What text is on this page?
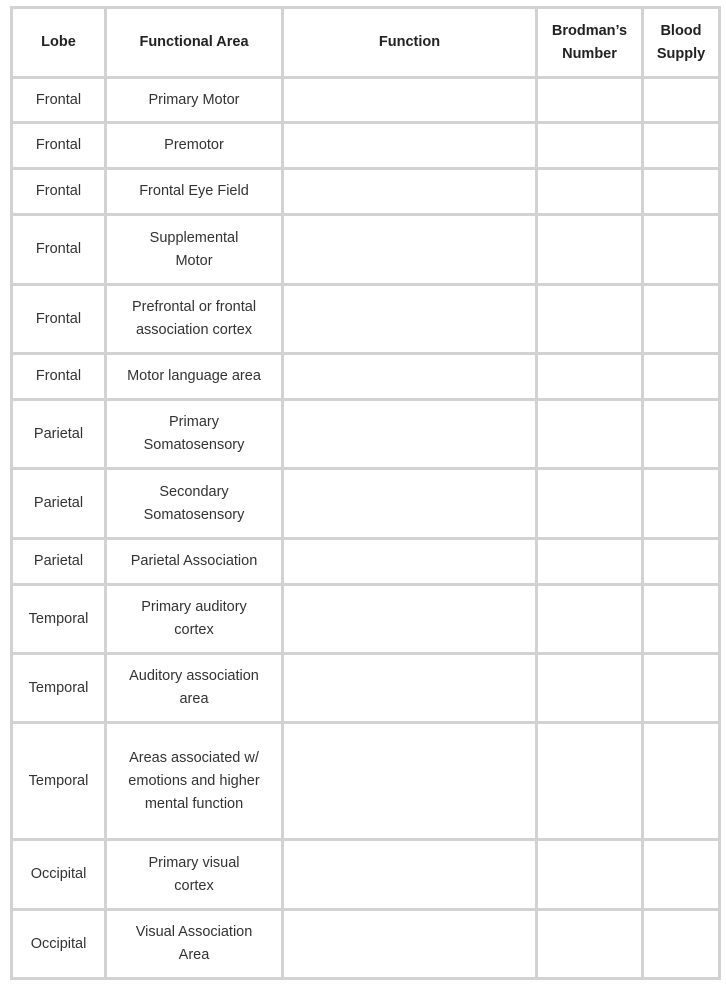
Lobe	Functional Area	Function	Brodman’s Number	Blood Supply
Frontal	Primary Motor			
Frontal	Premotor			
Frontal	Frontal Eye Field			
Frontal	Supplemental Motor			
Frontal	Prefrontal or frontal association cortex			
Frontal	Motor language area			
Parietal	Primary Somatosensory			
Parietal	Secondary Somatosensory			
Parietal	Parietal Association			
Temporal	Primary auditory cortex			
Temporal	Auditory association area			
Temporal	Areas associated w/ emotions and higher mental function			
Occipital	Primary visual cortex			
Occipital	Visual Association Area			
